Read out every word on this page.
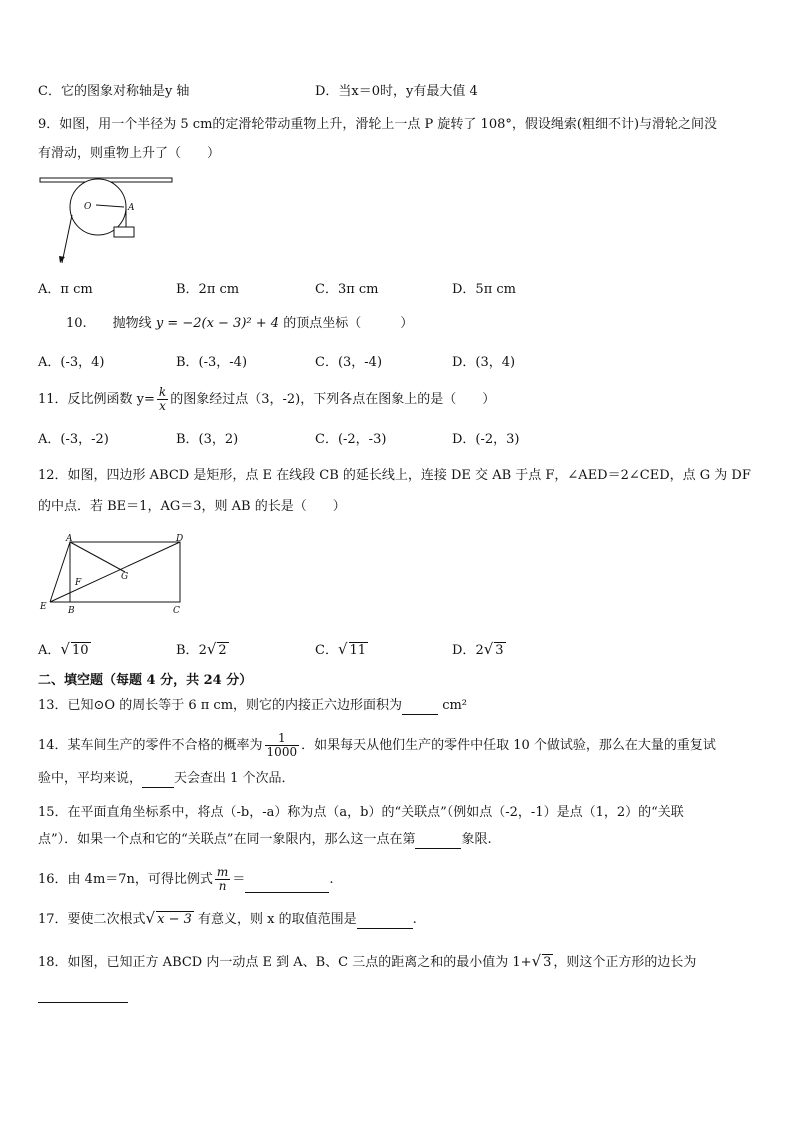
C．它的图象对称轴是y 轴	D．当x＝0时，y有最大值 4
9．如图，用一个半径为 5 cm的定滑轮带动重物上升，滑轮上一点 P 旋转了 108°，假设绳索(粗细不计)与滑轮之间没
有滑动，则重物上升了（　　）
O	A
A．π cm	B．2π cm	C．3π cm	D．5π cm
10.　　抛物线 y = −2(x − 3)² + 4 的顶点坐标（　　　）
A．(-3，4)	B．(-3，-4)	C．(3，-4)	D．(3，4)
11．反比例函数 $y= \frac{k}{x}$ 的图象经过点（3，-2)，下列各点在图象上的是（　　）
A．(-3，-2)	B．(3，2)	C．(-2，-3)	D．(-2，3)
12．如图，四边形 ABCD 是矩形，点 E 在线段 CB 的延长线上，连接 DE 交 AB 于点 F，∠AED＝2∠CED，点 G 为 DF
的中点．若 BE＝1，AG＝3，则 AB 的长是（　　）
A	D
B	C
E
F
G
A．√ 10	B．2√ 2	C．√ 11	D．2√ 3
二、填空题（每题 4 分，共 24 分）
13．已知⊙O 的周长等于 6 π cm，则它的内接正六边形面积为	cm²
14．某车间生产的零件不合格的概率为 $\frac{1}{1000}$ ．如果每天从他们生产的零件中任取 10 个做试验，那么在大量的重复试
验中，平均来说， 天会查出 1 个次品．
15．在平面直角坐标系中，将点（-b，-a）称为点（a，b）的“关联点”（例如点（-2，-1）是点（1，2）的“关联
点”）．如果一个点和它的“关联点”在同一象限内，那么这一点在第	象限.
16．由 4m＝7n，可得比例式 $\frac{m}{n}$ ＝	.
17．要使二次根式√ x − 3 有意义，则 x 的取值范围是	.
18．如图，已知正方 ABCD 内一动点 E 到 A、B、C 三点的距离之和的最小值为 1+√ 3 ，则这个正方形的边长为
